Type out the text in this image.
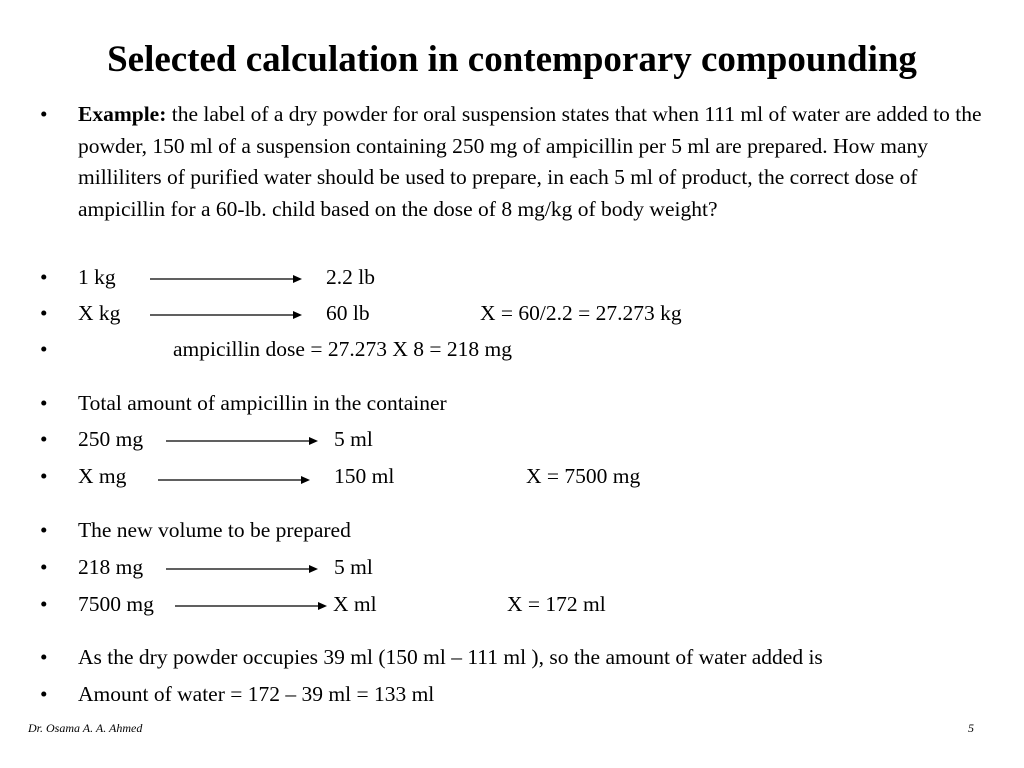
Selected calculation in contemporary compounding
• Example: the label of a dry powder for oral suspension states that when 111 ml of water are added to the powder, 150 ml of a suspension containing 250 mg of ampicillin per 5 ml are prepared. How many milliliters of purified water should be used to prepare, in each 5 ml of product, the correct dose of ampicillin for a 60-lb. child based on the dose of 8 mg/kg of body weight?
• 1 kg	2.2 lb
• X kg	60 lb	X = 60/2.2 = 27.273 kg
•	ampicillin dose = 27.273 X 8 = 218 mg
• Total amount of ampicillin in the container
• 250 mg	5 ml
• X mg	150 ml	X = 7500 mg
• The new volume to be prepared
• 218 mg	5 ml
• 7500 mg	X ml	X = 172 ml
• As the dry powder occupies 39 ml (150 ml – 111 ml ), so the amount of water added is
• Amount of water = 172 – 39 ml = 133 ml
Dr. Osama A. A. Ahmed	5
